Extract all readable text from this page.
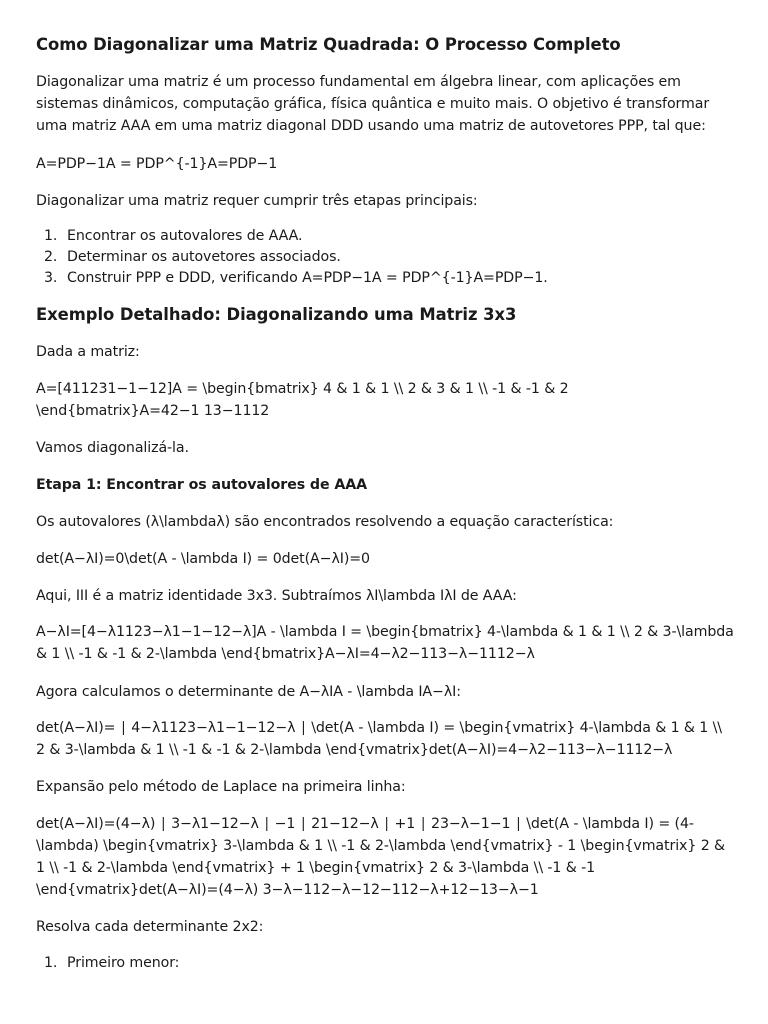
Como Diagonalizar uma Matriz Quadrada: O Processo Completo

Diagonalizar uma matriz é um processo fundamental em álgebra linear, com aplicações em sistemas dinâmicos, computação gráfica, física quântica e muito mais. O objetivo é transformar uma matriz AAA em uma matriz diagonal DDD usando uma matriz de autovetores PPP, tal que:

A=PDP−1A = PDP^{-1}A=PDP−1

Diagonalizar uma matriz requer cumprir três etapas principais:

1. Encontrar os autovalores de AAA.
2. Determinar os autovetores associados.
3. Construir PPP e DDD, verificando A=PDP−1A = PDP^{-1}A=PDP−1.
Exemplo Detalhado: Diagonalizando uma Matriz 3x3

Dada a matriz:

A=[411231−1−12]A = \begin{bmatrix} 4 & 1 & 1 \\ 2 & 3 & 1 \\ -1 & -1 & 2 \end{bmatrix}A=42−1 13−1112

Vamos diagonalizá-la.

Etapa 1: Encontrar os autovalores de AAA

Os autovalores (λ\lambdaλ) são encontrados resolvendo a equação característica:

det(A−λI)=0\det(A - \lambda I) = 0det(A−λI)=0

Aqui, III é a matriz identidade 3x3. Subtraímos λI\lambda IλI de AAA:

A−λI=[4−λ1123−λ1−1−12−λ]A - \lambda I = \begin{bmatrix} 4-\lambda & 1 & 1 \\ 2 & 3-\lambda & 1 \\ -1 & -1 & 2-\lambda \end{bmatrix}A−λI=4−λ2−113−λ−1112−λ

Agora calculamos o determinante de A−λIA - \lambda IA−λI:

det(A−λI)= ∣ 4−λ1123−λ1−1−12−λ ∣ \det(A - \lambda I) = \begin{vmatrix} 4-\lambda & 1 & 1 \\ 2 & 3-\lambda & 1 \\ -1 & -1 & 2-\lambda \end{vmatrix}det(A−λI)=4−λ2−113−λ−1112−λ

Expansão pelo método de Laplace na primeira linha:

det(A−λI)=(4−λ) ∣ 3−λ1−12−λ ∣ −1 ∣ 21−12−λ ∣ +1 ∣ 23−λ−1−1 ∣ \det(A - \lambda I) = (4-\lambda) \begin{vmatrix} 3-\lambda & 1 \\ -1 & 2-\lambda \end{vmatrix} - 1 \begin{vmatrix} 2 & 1 \\ -1 & 2-\lambda \end{vmatrix} + 1 \begin{vmatrix} 2 & 3-\lambda \\ -1 & -1 \end{vmatrix}det(A−λI)=(4−λ) 3−λ−112−λ−12−112−λ+12−13−λ−1

Resolva cada determinante 2x2:

1. Primeiro menor:
